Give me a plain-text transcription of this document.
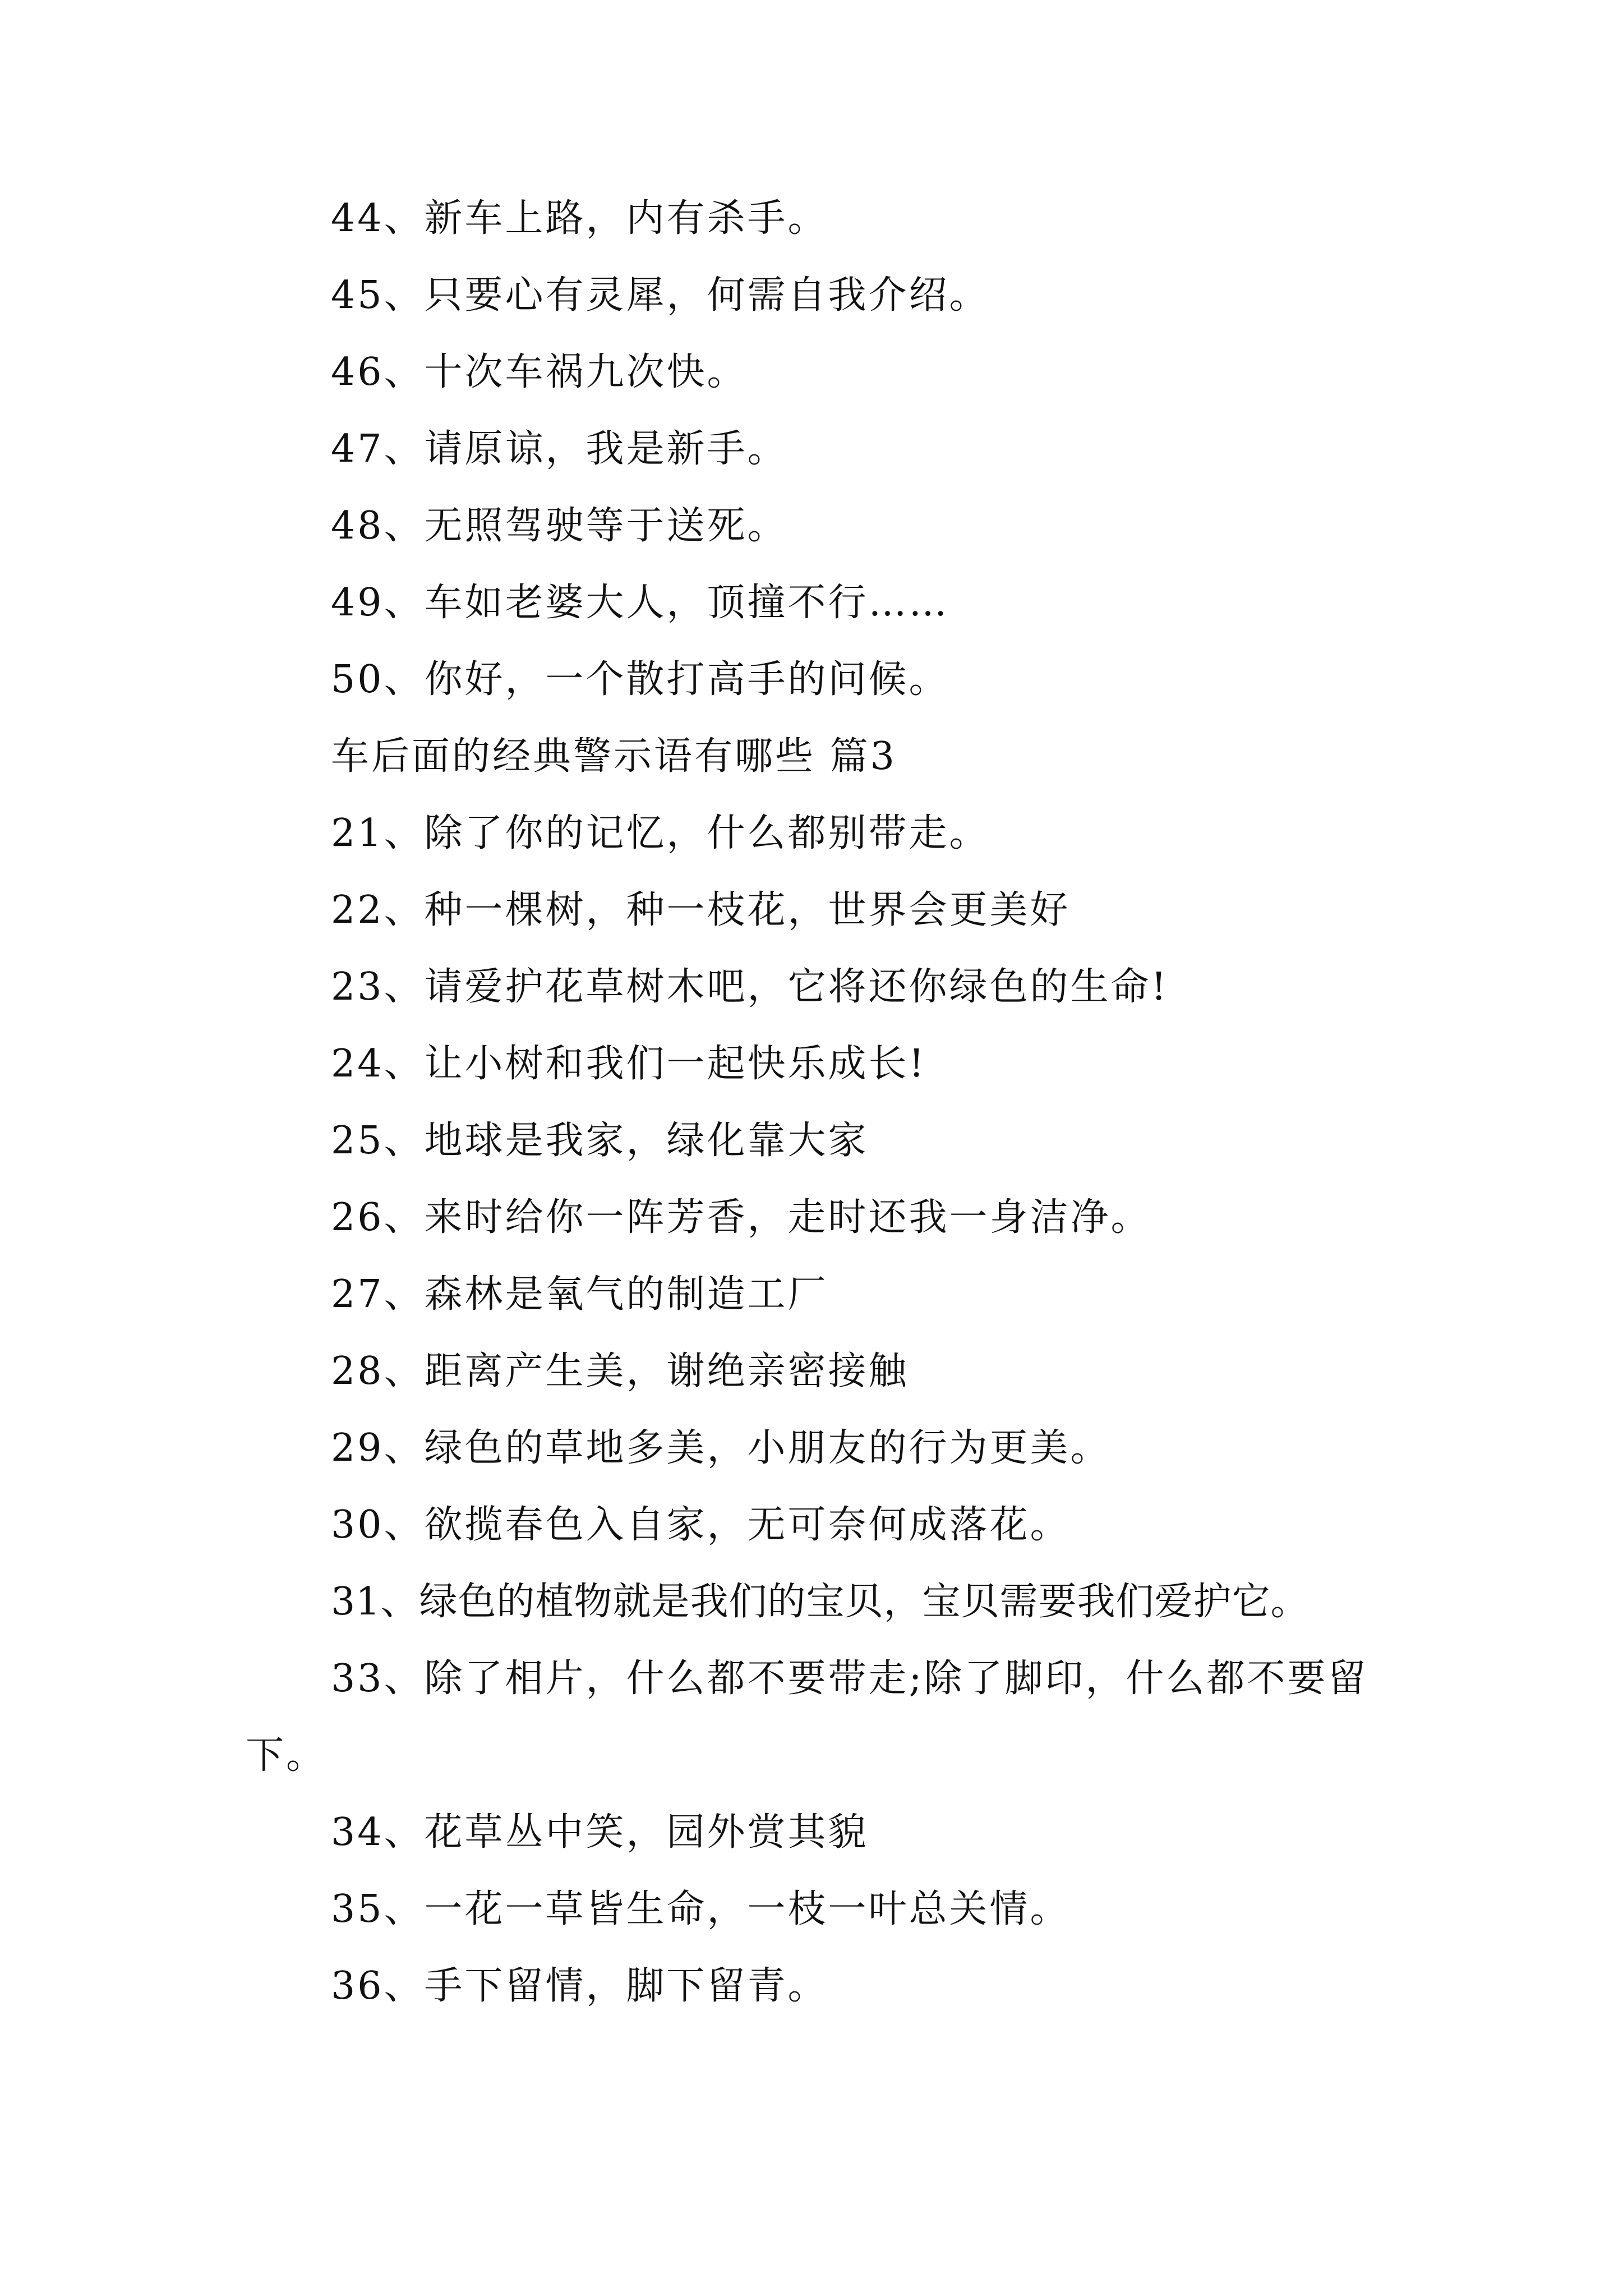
44、新车上路，内有杀手。
45、只要心有灵犀，何需自我介绍。
46、十次车祸九次快。
47、请原谅，我是新手。
48、无照驾驶等于送死。
49、车如老婆大人，顶撞不行……
50、你好，一个散打高手的问候。
车后面的经典警示语有哪些 篇3
21、除了你的记忆，什么都别带走。
22、种一棵树，种一枝花，世界会更美好
23、请爱护花草树木吧，它将还你绿色的生命!
24、让小树和我们一起快乐成长!
25、地球是我家，绿化靠大家
26、来时给你一阵芳香，走时还我一身洁净。
27、森林是氧气的制造工厂
28、距离产生美，谢绝亲密接触
29、绿色的草地多美，小朋友的行为更美。
30、欲揽春色入自家，无可奈何成落花。
31、绿色的植物就是我们的宝贝，宝贝需要我们爱护它。
33、除了相片，什么都不要带走;除了脚印，什么都不要留下。
34、花草丛中笑，园外赏其貌
35、一花一草皆生命，一枝一叶总关情。
36、手下留情，脚下留青。
